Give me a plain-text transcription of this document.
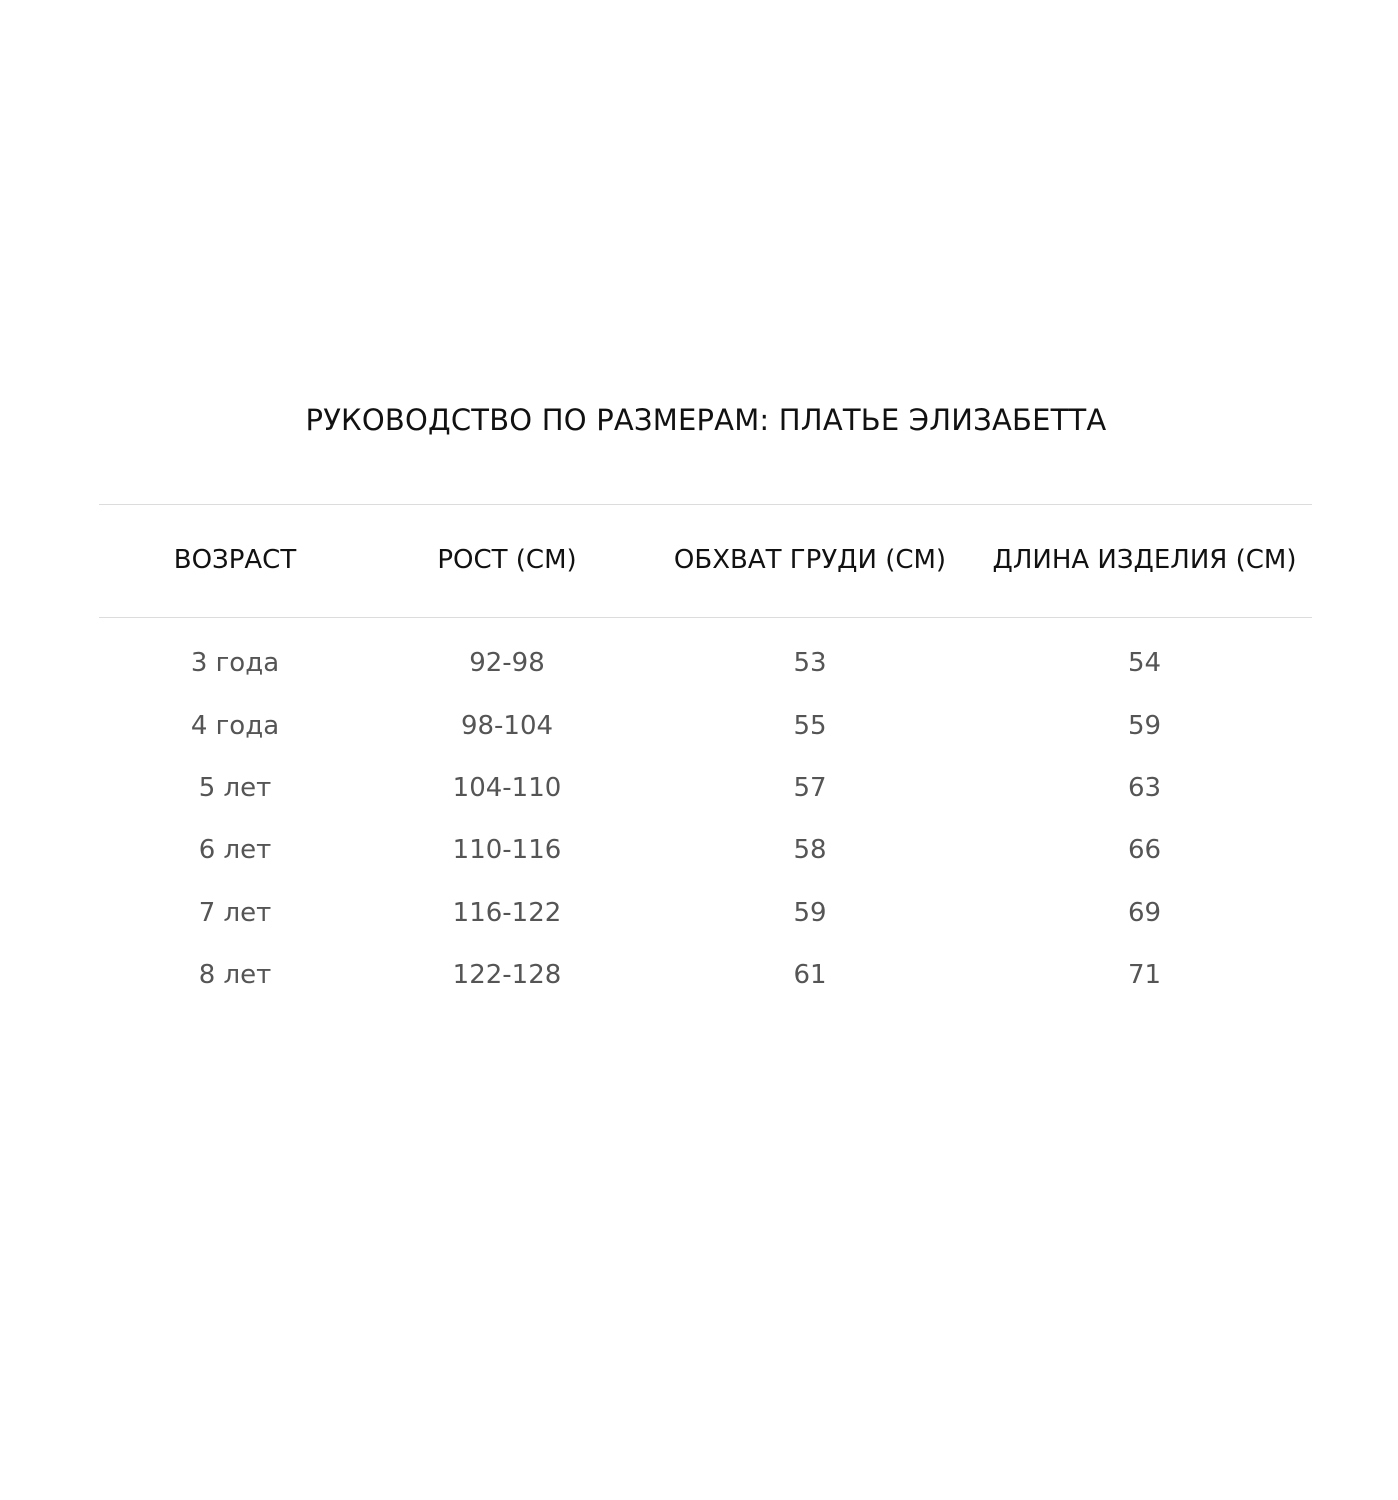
РУКОВОДСТВО ПО РАЗМЕРАМ: ПЛАТЬЕ ЭЛИЗАБЕТТА
ВОЗРАСТ	РОСТ (СМ)	ОБХВАТ ГРУДИ (СМ)	ДЛИНА ИЗДЕЛИЯ (СМ)
3 года	92-98	53	54
4 года	98-104	55	59
5 лет	104-110	57	63
6 лет	110-116	58	66
7 лет	116-122	59	69
8 лет	122-128	61	71
